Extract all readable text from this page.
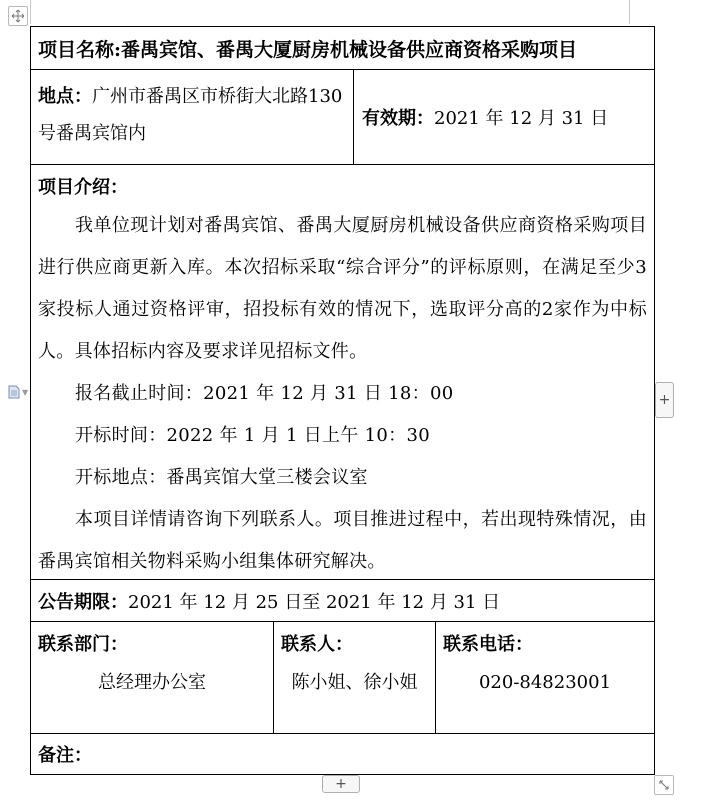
▼	+
+
项目名称:番禺宾馆、番禺大厦厨房机械设备供应商资格采购项目
地点：广州市番禺区市桥街大北路130号番禺宾馆内
有效期： 2021 年 12 月 31 日
项目介绍：
我单位现计划对番禺宾馆、番禺大厦厨房机械设备供应商资格采购项目进行供应商更新入库。本次招标采取“综合评分”的评标原则，在满足至少3家投标人通过资格评审，招投标有效的情况下，选取评分高的2家作为中标人。具体招标内容及要求详见招标文件。
报名截止时间：2021 年 12 月 31 日 18：00
开标时间：2022 年 1 月 1 日上午 10：30
开标地点：番禺宾馆大堂三楼会议室
本项目详情请咨询下列联系人。项目推进过程中，若出现特殊情况，由番禺宾馆相关物料采购小组集体研究解决。
公告期限：2021 年 12 月 25 日至 2021 年 12 月 31 日
联系部门：
总经理办公室
联系人：
陈小姐、徐小姐
联系电话：
020-84823001
备注：
